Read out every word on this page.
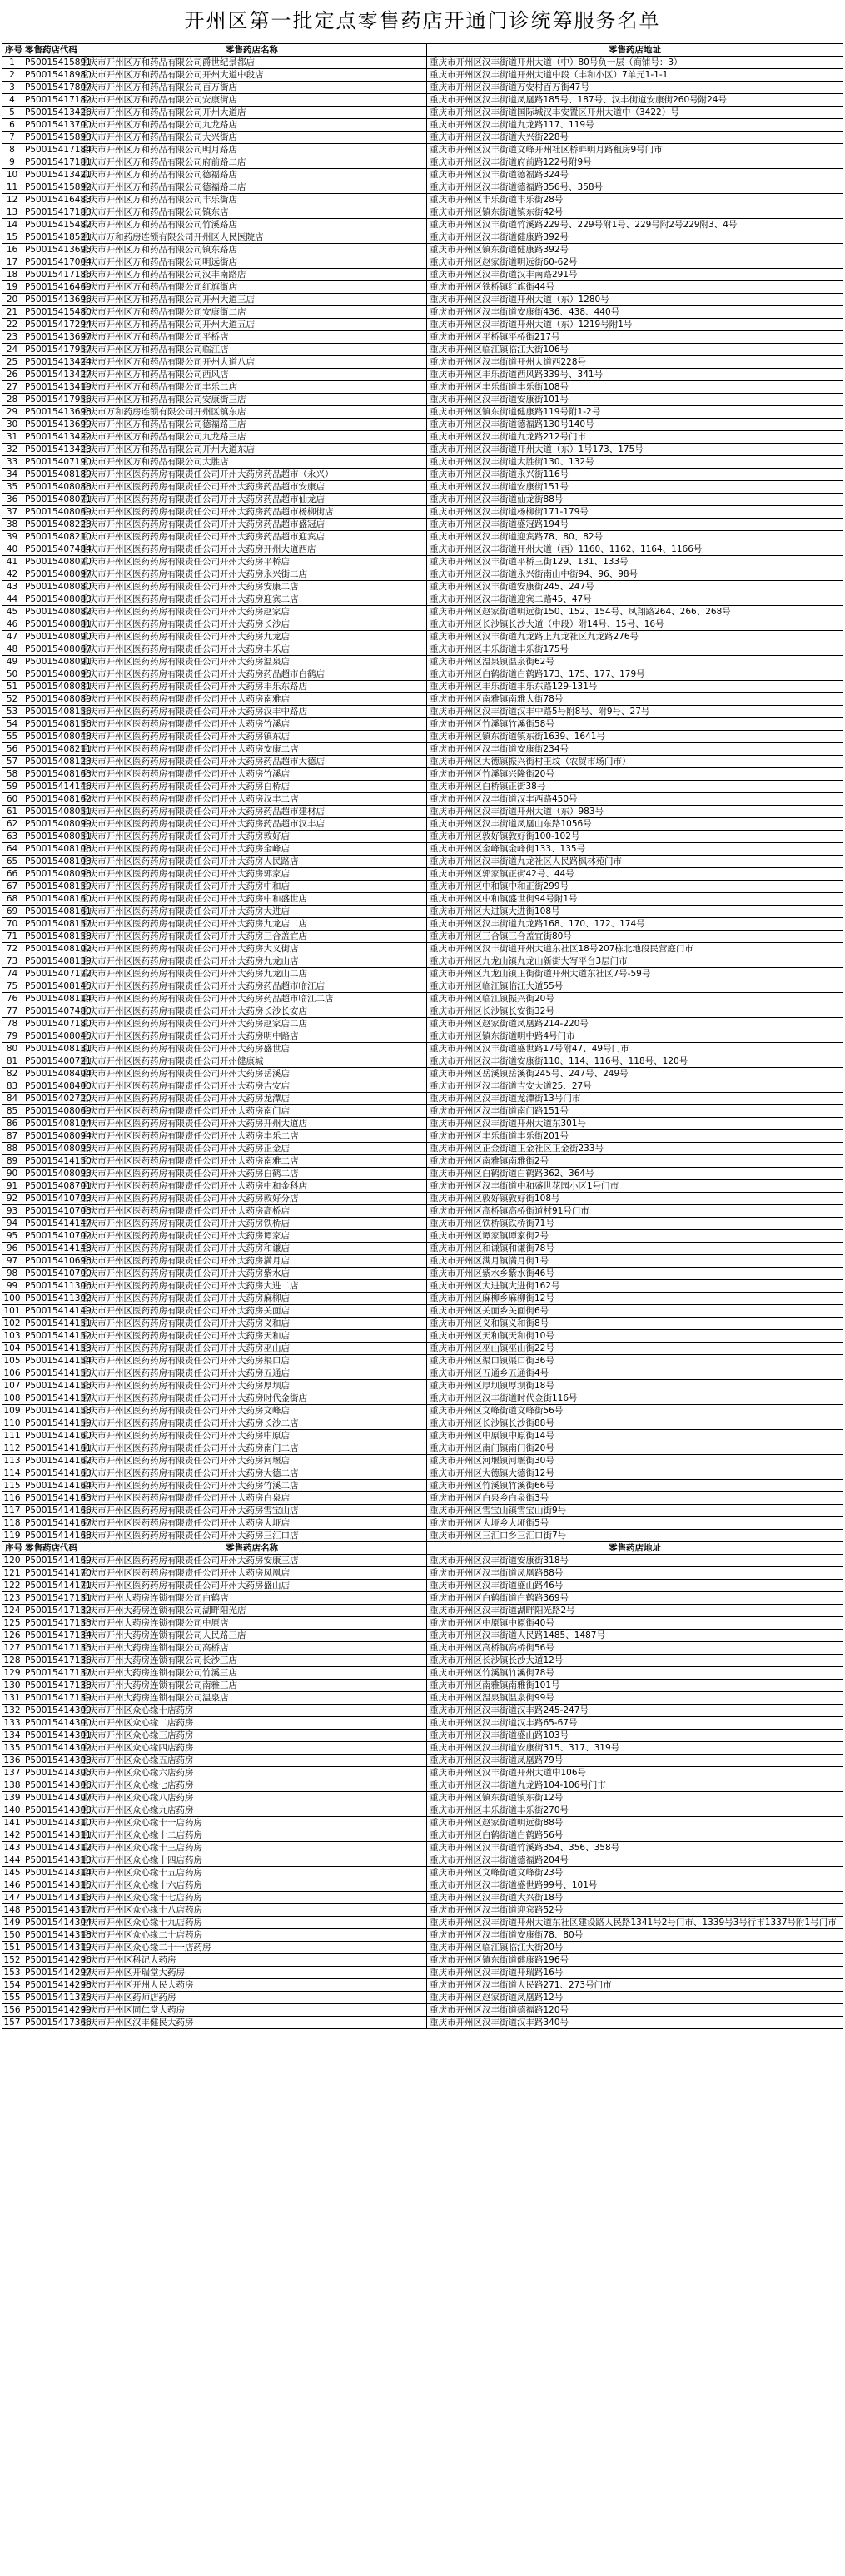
开州区第一批定点零售药店开通门诊统筹服务名单
序号	零售药店代码	零售药店名称	零售药店地址
1	P50015415891	重庆市开州区万和药品有限公司爵世纪景都店	重庆市开州区汉丰街道开州大道（中）80号负一层（商铺号：3）
2	P50015418980	重庆市开州区万和药品有限公司开州大道中段店	重庆市开州区汉丰街道开州大道中段（丰和小区）7单元1-1-1
3	P50015417807	重庆市开州区万和药品有限公司百万街店	重庆市开州区汉丰街道万安村百万街47号
4	P50015417182	重庆市开州区万和药品有限公司安康街店	重庆市开州区汉丰街道凤凰路185号、187号、汉丰街道安康街260号附24号
5	P50015413426	重庆市开州区万和药品有限公司开州大道店	重庆市开州区汉丰街道国际城汉丰安置区开州大道中（3422）号
6	P50015413700	重庆市开州区万和药品有限公司九龙路店	重庆市开州区汉丰街道九龙路117、119号
7	P50015415893	重庆市开州区万和药品有限公司大兴街店	重庆市开州区汉丰街道大兴街228号
8	P50015417184	重庆市开州区万和药品有限公司明月路店	重庆市开州区汉丰街道文峰开州社区桥畔明月路租房9号门市
9	P50015417181	重庆市开州区万和药品有限公司府前路二店	重庆市开州区汉丰街道府前路122号附9号
10	P50015413421	重庆市开州区万和药品有限公司德福路店	重庆市开州区汉丰街道德福路324号
11	P50015415892	重庆市开州区万和药品有限公司德福路二店	重庆市开州区汉丰街道德福路356号、358号
12	P50015416483	重庆市开州区万和药品有限公司丰乐街店	重庆市开州区丰乐街道丰乐街28号
13	P50015417183	重庆市开州区万和药品有限公司镇东店	重庆市开州区镇东街道镇东街42号
14	P50015415482	重庆市开州区万和药品有限公司竹溪路店	重庆市开州区汉丰街道竹溪路229号、229号附1号、229号附2号229附3、4号
15	P50015418521	重庆市万和药房连锁有限公司开州区人民医院店	重庆市开州区汉丰街道健康路392号
16	P50015413695	重庆市开州区万和药品有限公司镇东路店	重庆市开州区镇东街道健康路392号
17	P50015417004	重庆市开州区万和药品有限公司明远街店	重庆市开州区赵家街道明远街60-62号
18	P50015417186	重庆市开州区万和药品有限公司汉丰南路店	重庆市开州区汉丰街道汉丰南路291号
19	P50015416469	重庆市开州区万和药品有限公司红旗街店	重庆市开州区铁桥镇红旗街44号
20	P50015413696	重庆市开州区万和药品有限公司开州大道三店	重庆市开州区汉丰街道开州大道（东）1280号
21	P50015415480	重庆市开州区万和药品有限公司安康街二店	重庆市开州区汉丰街道安康街436、438、440号
22	P50015417294	重庆市开州区万和药品有限公司开州大道五店	重庆市开州区汉丰街道开州大道（东）1219号附1号
23	P50015413697	重庆市开州区万和药品有限公司平桥店	重庆市开州区平桥镇平桥街217号
24	P50015417957	重庆市开州区万和药品有限公司临江店	重庆市开州区临江镇临江大街106号
25	P50015413424	重庆市开州区万和药品有限公司开州大道八店	重庆市开州区汉丰街道开州大道西228号
26	P50015413427	重庆市开州区万和药品有限公司西风店	重庆市开州区丰乐街道西风路339号、341号
27	P50015413419	重庆市开州区万和药品有限公司丰乐二店	重庆市开州区丰乐街道丰乐街108号
28	P50015417956	重庆市开州区万和药品有限公司安康街三店	重庆市开州区汉丰街道安康街101号
29	P50015413698	重庆市万和药房连锁有限公司开州区镇东店	重庆市开州区镇东街道健康路119号附1-2号
30	P50015413699	重庆市开州区万和药品有限公司德福路三店	重庆市开州区汉丰街道德福路130号140号
31	P50015413422	重庆市开州区万和药品有限公司九龙路三店	重庆市开州区汉丰街道九龙路212号门市
32	P50015413423	重庆市开州区万和药品有限公司开州大道东店	重庆市开州区汉丰街道开州大道（东）1号173、175号
33	P50015407190	重庆市开州区万和药品有限公司大胜店	重庆市开州区汉丰街道大胜街130、132号
34	P50015408189	重庆市开州区医药药房有限责任公司开州大药房药品超市（永兴）	重庆市开州区汉丰街道永兴街116号
35	P50015408088	重庆市开州区医药药房有限责任公司开州大药房药品超市安康店	重庆市开州区汉丰街道安康街151号
36	P50015408071	重庆市开州区医药药房有限责任公司开州大药房药品超市仙龙店	重庆市开州区汉丰街道仙龙街88号
37	P50015408069	重庆市开州区医药药房有限责任公司开州大药房药品超市杨柳街店	重庆市开州区汉丰街道杨柳街171-179号
38	P50015408223	重庆市开州区医药药房有限责任公司开州大药房药品超市盛冠店	重庆市开州区汉丰街道盛冠路194号
39	P50015408210	重庆市开州区医药药房有限责任公司开州大药房药品超市迎宾店	重庆市开州区汉丰街道迎宾路78、80、82号
40	P50015407484	重庆市开州区医药药房有限责任公司开州大药房开州大道西店	重庆市开州区汉丰街道开州大道（西）1160、1162、1164、1166号
41	P50015408070	重庆市开州区医药药房有限责任公司开州大药房平桥店	重庆市开州区汉丰街道平桥三街129、131、133号
42	P50015408097	重庆市开州区医药药房有限责任公司开州大药房永兴街二店	重庆市开州区汉丰街道永兴街南山中街94、96、98号
43	P50015408080	重庆市开州区医药药房有限责任公司开州大药房安康二店	重庆市开州区汉丰街道安康街245、247号
44	P50015408083	重庆市开州区医药药房有限责任公司开州大药房迎宾二店	重庆市开州区汉丰街道迎宾二路45、47号
45	P50015408082	重庆市开州区医药药房有限责任公司开州大药房赵家店	重庆市开州区赵家街道明远街150、152、154号、凤翔路264、266、268号
46	P50015408081	重庆市开州区医药药房有限责任公司开州大药房长沙店	重庆市开州区长沙镇长沙大道（中段）附14号、15号、16号
47	P50015408090	重庆市开州区医药药房有限责任公司开州大药房九龙店	重庆市开州区汉丰街道九龙路上九龙社区九龙路276号
48	P50015408067	重庆市开州区医药药房有限责任公司开州大药房丰乐店	重庆市开州区丰乐街道丰乐街175号
49	P50015408091	重庆市开州区医药药房有限责任公司开州大药房温泉店	重庆市开州区温泉镇温泉街62号
50	P50015408095	重庆市开州区医药药房有限责任公司开州大药房药品超市白鹤店	重庆市开州区白鹤街道白鹤路173、175、177、179号
51	P50015408081	重庆市开州区医药药房有限责任公司开州大药房丰乐东路店	重庆市开州区丰乐街道丰乐东路129-131号
52	P50015408089	重庆市开州区医药药房有限责任公司开州大药房南雅店	重庆市开州区南雅镇南雅大街78号
53	P50015408156	重庆市开州区医药药房有限责任公司开州大药房汉丰中路店	重庆市开州区汉丰街道汉丰中路5号附8号、附9号、27号
54	P50015408156	重庆市开州区医药药房有限责任公司开州大药房竹溪店	重庆市开州区竹溪镇竹溪街58号
55	P50015408048	重庆市开州区医药药房有限责任公司开州大药房镇东店	重庆市开州区镇东街道镇东街1639、1641号
56	P50015408211	重庆市开州区医药药房有限责任公司开州大药房安康二店	重庆市开州区汉丰街道安康街234号
57	P50015408123	重庆市开州区医药药房有限责任公司开州大药房药品超市大德店	重庆市开州区大德镇振兴街村王坟（农贸市场门市）
58	P50015408163	重庆市开州区医药药房有限责任公司开州大药房竹溪店	重庆市开州区竹溪镇兴隆街20号
59	P50015414146	重庆市开州区医药药房有限责任公司开州大药房白桥店	重庆市开州区白桥镇正街38号
60	P50015408162	重庆市开州区医药药房有限责任公司开州大药房汉丰二店	重庆市开州区汉丰街道汉丰西路450号
61	P50015408051	重庆市开州区医药药房有限责任公司开州大药房药品超市建材店	重庆市开州区汉丰街道开州大道（东）983号
62	P50015408099	重庆市开州区医药药房有限责任公司开州大药房药品超市汉丰店	重庆市开州区汉丰街道凤凰山东路1056号
63	P50015408051	重庆市开州区医药药房有限责任公司开州大药房敦好店	重庆市开州区敦好镇敦好街100-102号
64	P50015408108	重庆市开州区医药药房有限责任公司开州大药房金峰店	重庆市开州区金峰镇金峰街133、135号
65	P50015408103	重庆市开州区医药药房有限责任公司开州大药房人民路店	重庆市开州区汉丰街道九龙社区人民路枫林苑门市
66	P50015408098	重庆市开州区医药药房有限责任公司开州大药房郭家店	重庆市开州区郭家镇正街42号、44号
67	P50015408159	重庆市开州区医药药房有限责任公司开州大药房中和店	重庆市开州区中和镇中和正街299号
68	P50015408160	重庆市开州区医药药房有限责任公司开州大药房中和盛世店	重庆市开州区中和镇盛世街94号附1号
69	P50015408161	重庆市开州区医药药房有限责任公司开州大药房大进店	重庆市开州区大进镇大进街108号
70	P50015408157	重庆市开州区医药药房有限责任公司开州大药房九龙店二店	重庆市开州区汉丰街道九龙路168、170、172、174号
71	P50015408158	重庆市开州区医药药房有限责任公司开州大药房三合盖宜店	重庆市开州区三合镇三合盖宜街80号
72	P50015408102	重庆市开州区医药药房有限责任公司开州大药房大义街店	重庆市开州区汉丰街道开州大道东社区18号207栋北地段民营庭门市
73	P50015408139	重庆市开州区医药药房有限责任公司开州大药房九龙山店	重庆市开州区九龙山镇九龙山新街大写平台3层门市
74	P50015407172	重庆市开州区医药药房有限责任公司开州大药房九龙山二店	重庆市开州区九龙山镇正街街道开州大道东社区7号-59号
75	P50015408145	重庆市开州区医药药房有限责任公司开州大药房药品超市临江店	重庆市开州区临江镇临江大道55号
76	P50015408114	重庆市开州区医药药房有限责任公司开州大药房药品超市临江二店	重庆市开州区临江镇振兴街20号
77	P50015407480	重庆市开州区医药药房有限责任公司开州大药房长沙长安店	重庆市开州区长沙镇长安街32号
78	P50015407180	重庆市开州区医药药房有限责任公司开州大药房赵家店二店	重庆市开州区赵家街道凤凰路214-220号
79	P50015408045	重庆市开州区医药药房有限责任公司开州大药房明中路店	重庆市开州区镇东街道明中路4号门市
80	P50015408131	重庆市开州区医药药房有限责任公司开州大药房盛世店	重庆市开州区汉丰街道盛世路17号附47、49号门市
81	P50015400721	重庆市开州区医药药房有限责任公司开州健康城	重庆市开州区汉丰街道安康街110、114、116号、118号、120号
82	P50015408404	重庆市开州区医药药房有限责任公司开州大药房岳溪店	重庆市开州区岳溪镇岳溪街245号、247号、249号
83	P50015408400	重庆市开州区医药药房有限责任公司开州大药房吉安店	重庆市开州区汉丰街道吉安大道25、27号
84	P50015402720	重庆市开州区医药药房有限责任公司开州大药房龙潭店	重庆市开州区汉丰街道龙潭街13号门市
85	P50015408069	重庆市开州区医药药房有限责任公司开州大药房南门店	重庆市开州区汉丰街道南门路151号
86	P50015408104	重庆市开州区医药药房有限责任公司开州大药房开州大道店	重庆市开州区汉丰街道开州大道东301号
87	P50015408094	重庆市开州区医药药房有限责任公司开州大药房丰乐二店	重庆市开州区丰乐街道丰乐街201号
88	P50015408095	重庆市开州区医药药房有限责任公司开州大药房正金店	重庆市开州区正金街道正金社区正金街233号
89	P50015414150	重庆市开州区医药药房有限责任公司开州大药房南雅二店	重庆市开州区南雅镇南雅街2号
90	P50015408093	重庆市开州区医药药房有限责任公司开州大药房白鹤二店	重庆市开州区白鹤街道白鹤路362、364号
91	P50015408701	重庆市开州区医药药房有限责任公司开州大药房中和金科店	重庆市开州区汉丰街道中和盛世花园小区1号门市
92	P50015410703	重庆市开州区医药药房有限责任公司开州大药房敦好分店	重庆市开州区敦好镇敦好街108号
93	P50015410703	重庆市开州区医药药房有限责任公司开州大药房高桥店	重庆市开州区高桥镇高桥街道村91号门市
94	P50015414147	重庆市开州区医药药房有限责任公司开州大药房铁桥店	重庆市开州区铁桥镇铁桥街71号
95	P50015410702	重庆市开州区医药药房有限责任公司开州大药房谭家店	重庆市开州区谭家镇谭家街2号
96	P50015414148	重庆市开州区医药药房有限责任公司开州大药房和谦店	重庆市开州区和谦镇和谦街78号
97	P50015410698	重庆市开州区医药药房有限责任公司开州大药房满月店	重庆市开州区满月镇满月街1号
98	P50015410700	重庆市开州区医药药房有限责任公司开州大药房紫水店	重庆市开州区紫水乡紫水街46号
99	P50015411306	重庆市开州区医药药房有限责任公司开州大药房大进二店	重庆市开州区大进镇大进街162号
100	P50015411302	重庆市开州区医药药房有限责任公司开州大药房麻柳店	重庆市开州区麻柳乡麻柳街12号
101	P50015414149	重庆市开州区医药药房有限责任公司开州大药房关面店	重庆市开州区关面乡关面街6号
102	P50015414151	重庆市开州区医药药房有限责任公司开州大药房义和店	重庆市开州区义和镇义和街8号
103	P50015414152	重庆市开州区医药药房有限责任公司开州大药房天和店	重庆市开州区天和镇天和街10号
104	P50015414153	重庆市开州区医药药房有限责任公司开州大药房巫山店	重庆市开州区巫山镇巫山街22号
105	P50015414154	重庆市开州区医药药房有限责任公司开州大药房渠口店	重庆市开州区渠口镇渠口街36号
106	P50015414155	重庆市开州区医药药房有限责任公司开州大药房五通店	重庆市开州区五通乡五通街4号
107	P50015414156	重庆市开州区医药药房有限责任公司开州大药房厚坝店	重庆市开州区厚坝镇厚坝街18号
108	P50015414157	重庆市开州区医药药房有限责任公司开州大药房时代金街店	重庆市开州区汉丰街道时代金街116号
109	P50015414158	重庆市开州区医药药房有限责任公司开州大药房文峰店	重庆市开州区文峰街道文峰街56号
110	P50015414159	重庆市开州区医药药房有限责任公司开州大药房长沙二店	重庆市开州区长沙镇长沙街88号
111	P50015414160	重庆市开州区医药药房有限责任公司开州大药房中原店	重庆市开州区中原镇中原街14号
112	P50015414161	重庆市开州区医药药房有限责任公司开州大药房南门二店	重庆市开州区南门镇南门街20号
113	P50015414162	重庆市开州区医药药房有限责任公司开州大药房河堰店	重庆市开州区河堰镇河堰街30号
114	P50015414163	重庆市开州区医药药房有限责任公司开州大药房大德二店	重庆市开州区大德镇大德街12号
115	P50015414164	重庆市开州区医药药房有限责任公司开州大药房竹溪二店	重庆市开州区竹溪镇竹溪街66号
116	P50015414165	重庆市开州区医药药房有限责任公司开州大药房白泉店	重庆市开州区白泉乡白泉街3号
117	P50015414166	重庆市开州区医药药房有限责任公司开州大药房雪宝山店	重庆市开州区雪宝山镇雪宝山街9号
118	P50015414167	重庆市开州区医药药房有限责任公司开州大药房大垭店	重庆市开州区大垭乡大垭街5号
119	P50015414168	重庆市开州区医药药房有限责任公司开州大药房三汇口店	重庆市开州区三汇口乡三汇口街7号
序号	零售药店代码	零售药店名称	零售药店地址
120	P50015414169	重庆市开州区医药药房有限责任公司开州大药房安康三店	重庆市开州区汉丰街道安康街318号
121	P50015414170	重庆市开州区医药药房有限责任公司开州大药房凤凰店	重庆市开州区汉丰街道凤凰路88号
122	P50015414171	重庆市开州区医药药房有限责任公司开州大药房盛山店	重庆市开州区汉丰街道盛山路46号
123	P50015417131	重庆市开州大药房连锁有限公司白鹤店	重庆市开州区白鹤街道白鹤路369号
124	P50015417132	重庆市开州大药房连锁有限公司湖畔阳光店	重庆市开州区汉丰街道湖畔阳光路2号
125	P50015417133	重庆市开州大药房连锁有限公司中原店	重庆市开州区中原镇中原街40号
126	P50015417134	重庆市开州大药房连锁有限公司人民路三店	重庆市开州区汉丰街道人民路1485、1487号
127	P50015417135	重庆市开州大药房连锁有限公司高桥店	重庆市开州区高桥镇高桥街56号
128	P50015417136	重庆市开州大药房连锁有限公司长沙三店	重庆市开州区长沙镇长沙大道12号
129	P50015417137	重庆市开州大药房连锁有限公司竹溪三店	重庆市开州区竹溪镇竹溪街78号
130	P50015417138	重庆市开州大药房连锁有限公司南雅三店	重庆市开州区南雅镇南雅街101号
131	P50015417139	重庆市开州大药房连锁有限公司温泉店	重庆市开州区温泉镇温泉街99号
132	P50015414309	重庆市开州区众心缘十店药房	重庆市开州区汉丰街道汉丰路245-247号
133	P50015414300	重庆市开州区众心缘二店药房	重庆市开州区汉丰街道汉丰路65-67号
134	P50015414301	重庆市开州区众心缘三店药房	重庆市开州区汉丰街道盛山路103号
135	P50015414302	重庆市开州区众心缘四店药房	重庆市开州区汉丰街道安康街315、317、319号
136	P50015414303	重庆市开州区众心缘五店药房	重庆市开州区汉丰街道凤凰路79号
137	P50015414305	重庆市开州区众心缘六店药房	重庆市开州区汉丰街道开州大道中106号
138	P50015414306	重庆市开州区众心缘七店药房	重庆市开州区汉丰街道九龙路104-106号门市
139	P50015414307	重庆市开州区众心缘八店药房	重庆市开州区镇东街道镇东街12号
140	P50015414308	重庆市开州区众心缘九店药房	重庆市开州区丰乐街道丰乐街270号
141	P50015414310	重庆市开州区众心缘十一店药房	重庆市开州区赵家街道明远街88号
142	P50015414311	重庆市开州区众心缘十二店药房	重庆市开州区白鹤街道白鹤路56号
143	P50015414312	重庆市开州区众心缘十三店药房	重庆市开州区汉丰街道竹溪路354、356、358号
144	P50015414313	重庆市开州区众心缘十四店药房	重庆市开州区汉丰街道德福路204号
145	P50015414314	重庆市开州区众心缘十五店药房	重庆市开州区文峰街道文峰街23号
146	P50015414315	重庆市开州区众心缘十六店药房	重庆市开州区汉丰街道盛世路99号、101号
147	P50015414316	重庆市开州区众心缘十七店药房	重庆市开州区汉丰街道大兴街18号
148	P50015414317	重庆市开州区众心缘十八店药房	重庆市开州区汉丰街道迎宾路52号
149	P50015414304	重庆市开州区众心缘十九店药房	重庆市开州区汉丰街道开州大道东社区建设路人民路1341号2号门市、1339号3号行市1337号附1号门市
150	P50015414318	重庆市开州区众心缘二十店药房	重庆市开州区汉丰街道安康街78、80号
151	P50015414319	重庆市开州区众心缘二十一店药房	重庆市开州区临江镇临江大街20号
152	P50015414296	重庆市开州区科记大药房	重庆市开州区镇东街道健康路196号
153	P50015414297	重庆市开州区开瑞堂大药房	重庆市开州区汉丰街道开瑞路16号
154	P50015414298	重庆市开州区开州人民大药房	重庆市开州区汉丰街道人民路271、273号门市
155	P50015411375	重庆市开州区药师店药房	重庆市开州区赵家街道凤凰路12号
156	P50015414299	重庆市开州区同仁堂大药房	重庆市开州区汉丰街道德福路120号
157	P50015417366	重庆市开州区汉丰健民大药房	重庆市开州区汉丰街道汉丰路340号
